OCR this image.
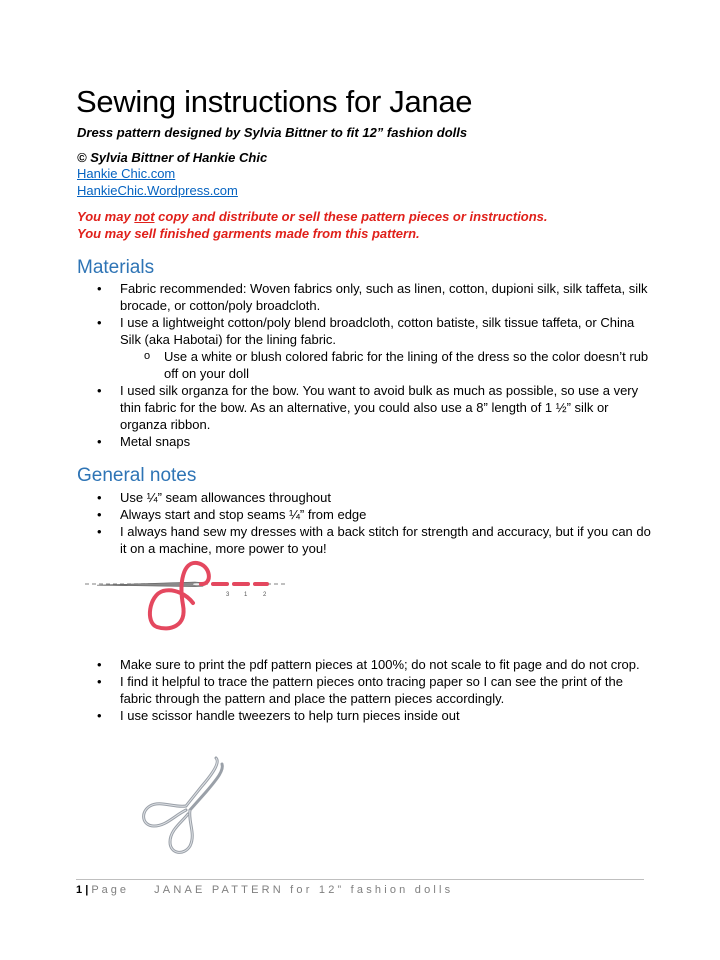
Sewing instructions for Janae
Dress pattern designed by Sylvia Bittner to fit 12” fashion dolls
© Sylvia Bittner of Hankie Chic
Hankie Chic.com
HankieChic.Wordpress.com
You may not copy and distribute or sell these pattern pieces or instructions.
You may sell finished garments made from this pattern.
Materials
•	Fabric recommended: Woven fabrics only, such as linen, cotton, dupioni silk, silk taffeta, silk brocade, or cotton/poly broadcloth.
•	I use a lightweight cotton/poly blend broadcloth, cotton batiste, silk tissue taffeta, or China Silk (aka Habotai) for the lining fabric.
o Use a white or blush colored fabric for the lining of the dress so the color doesn’t rub off on your doll
•	I used silk organza for the bow. You want to avoid bulk as much as possible, so use a very thin fabric for the bow. As an alternative, you could also use a 8” length of 1 ½” silk or organza ribbon.
•	Metal snaps
General notes
•	Use ¼” seam allowances throughout
•	Always start and stop seams ¼” from edge
•	I always hand sew my dresses with a back stitch for strength and accuracy, but if you can do it on a machine, more power to you!
3 1	2
•	Make sure to print the pdf pattern pieces at 100%; do not scale to fit page and do not crop.
•	I find it helpful to trace the pattern pieces onto tracing paper so I can see the print of the fabric through the pattern and place the pattern pieces accordingly.
•	I use scissor handle tweezers to help turn pieces inside out
1 | Page JANAE PATTERN for 12” fashion dolls
